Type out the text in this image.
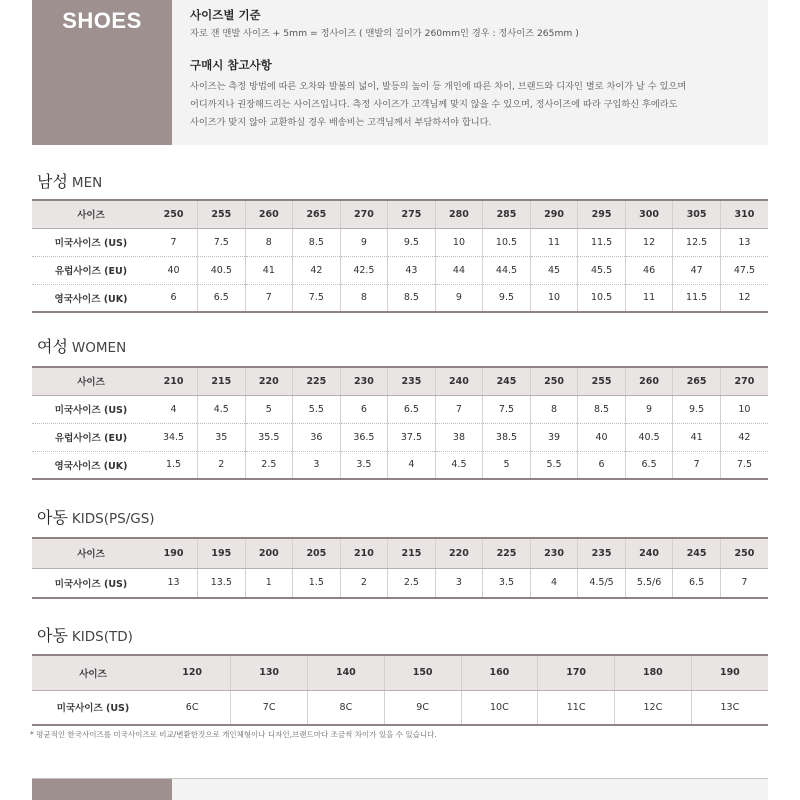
SHOES	사이즈별 기준
자로 잰 맨발 사이즈 + 5mm = 정사이즈 ( 맨발의 길이가 260mm인 경우 : 정사이즈 265mm )
구매시 참고사항
사이즈는 측정 방법에 따른 오차와 발볼의 넓이, 발등의 높이 등 개인에 따른 차이, 브랜드와 디자인 별로 차이가 날 수 있으며
어디까지나 권장해드리는 사이즈입니다. 측정 사이즈가 고객님께 맞지 않을 수 있으며, 정사이즈에 따라 구입하신 후에라도
사이즈가 맞지 않아 교환하실 경우 배송비는 고객님께서 부담하셔야 합니다.
남성 MEN
사이즈	250	255	260	265	270	275	280	285	290	295	300	305	310
미국사이즈 (US)	7	7.5	8	8.5	9	9.5	10	10.5	11	11.5	12	12.5	13
유럽사이즈 (EU)	40	40.5	41	42	42.5	43	44	44.5	45	45.5	46	47	47.5
영국사이즈 (UK)	6	6.5	7	7.5	8	8.5	9	9.5	10	10.5	11	11.5	12
여성 WOMEN
사이즈	210	215	220	225	230	235	240	245	250	255	260	265	270
미국사이즈 (US)	4	4.5	5	5.5	6	6.5	7	7.5	8	8.5	9	9.5	10
유럽사이즈 (EU)	34.5	35	35.5	36	36.5	37.5	38	38.5	39	40	40.5	41	42
영국사이즈 (UK)	1.5	2	2.5	3	3.5	4	4.5	5	5.5	6	6.5	7	7.5
아동 KIDS(PS/GS)
사이즈	190	195	200	205	210	215	220	225	230	235	240	245	250
미국사이즈 (US)	13	13.5	1	1.5	2	2.5	3	3.5	4	4.5/5	5.5/6	6.5	7
아동 KIDS(TD)
사이즈	120	130	140	150	160	170	180	190
미국사이즈 (US)	6C	7C	8C	9C	10C	11C	12C	13C
* 평균적인 한국사이즈를 미국사이즈로 비교/변환한것으로 개인체형이나 디자인,브랜드마다 조금씩 차이가 있을 수 있습니다.
